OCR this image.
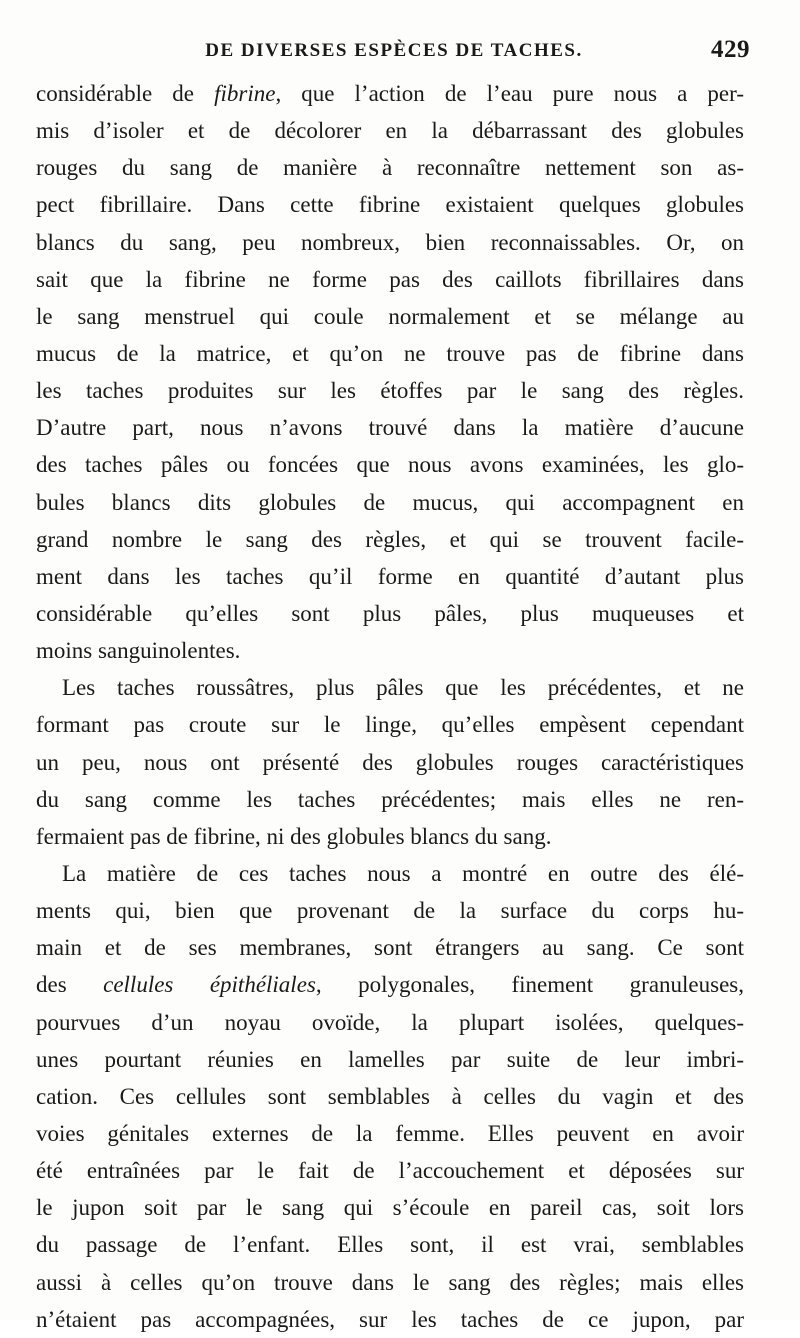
DE DIVERSES ESPÈCES DE TACHES.	429
considérable de fibrine, que l’action de l’eau pure nous a per-
mis d’isoler et de décolorer en la débarrassant des globules
rouges du sang de manière à reconnaître nettement son as-
pect fibrillaire. Dans cette fibrine existaient quelques globules
blancs du sang, peu nombreux, bien reconnaissables. Or, on
sait que la fibrine ne forme pas des caillots fibrillaires dans
le sang menstruel qui coule normalement et se mélange au
mucus de la matrice, et qu’on ne trouve pas de fibrine dans
les taches produites sur les étoffes par le sang des règles.
D’autre part, nous n’avons trouvé dans la matière d’aucune
des taches pâles ou foncées que nous avons examinées, les glo-
bules blancs dits globules de mucus, qui accompagnent en
grand nombre le sang des règles, et qui se trouvent facile-
ment dans les taches qu’il forme en quantité d’autant plus
considérable qu’elles sont plus pâles, plus muqueuses et
moins sanguinolentes.
Les taches roussâtres, plus pâles que les précédentes, et ne
formant pas croute sur le linge, qu’elles empèsent cependant
un peu, nous ont présenté des globules rouges caractéristiques
du sang comme les taches précédentes; mais elles ne ren-
fermaient pas de fibrine, ni des globules blancs du sang.
La matière de ces taches nous a montré en outre des élé-
ments qui, bien que provenant de la surface du corps hu-
main et de ses membranes, sont étrangers au sang. Ce sont
des cellules épithéliales, polygonales, finement granuleuses,
pourvues d’un noyau ovoïde, la plupart isolées, quelques-
unes pourtant réunies en lamelles par suite de leur imbri-
cation. Ces cellules sont semblables à celles du vagin et des
voies génitales externes de la femme. Elles peuvent en avoir
été entraînées par le fait de l’accouchement et déposées sur
le jupon soit par le sang qui s’écoule en pareil cas, soit lors
du passage de l’enfant. Elles sont, il est vrai, semblables
aussi à celles qu’on trouve dans le sang des règles; mais elles
n’étaient pas accompagnées, sur les taches de ce jupon, par
